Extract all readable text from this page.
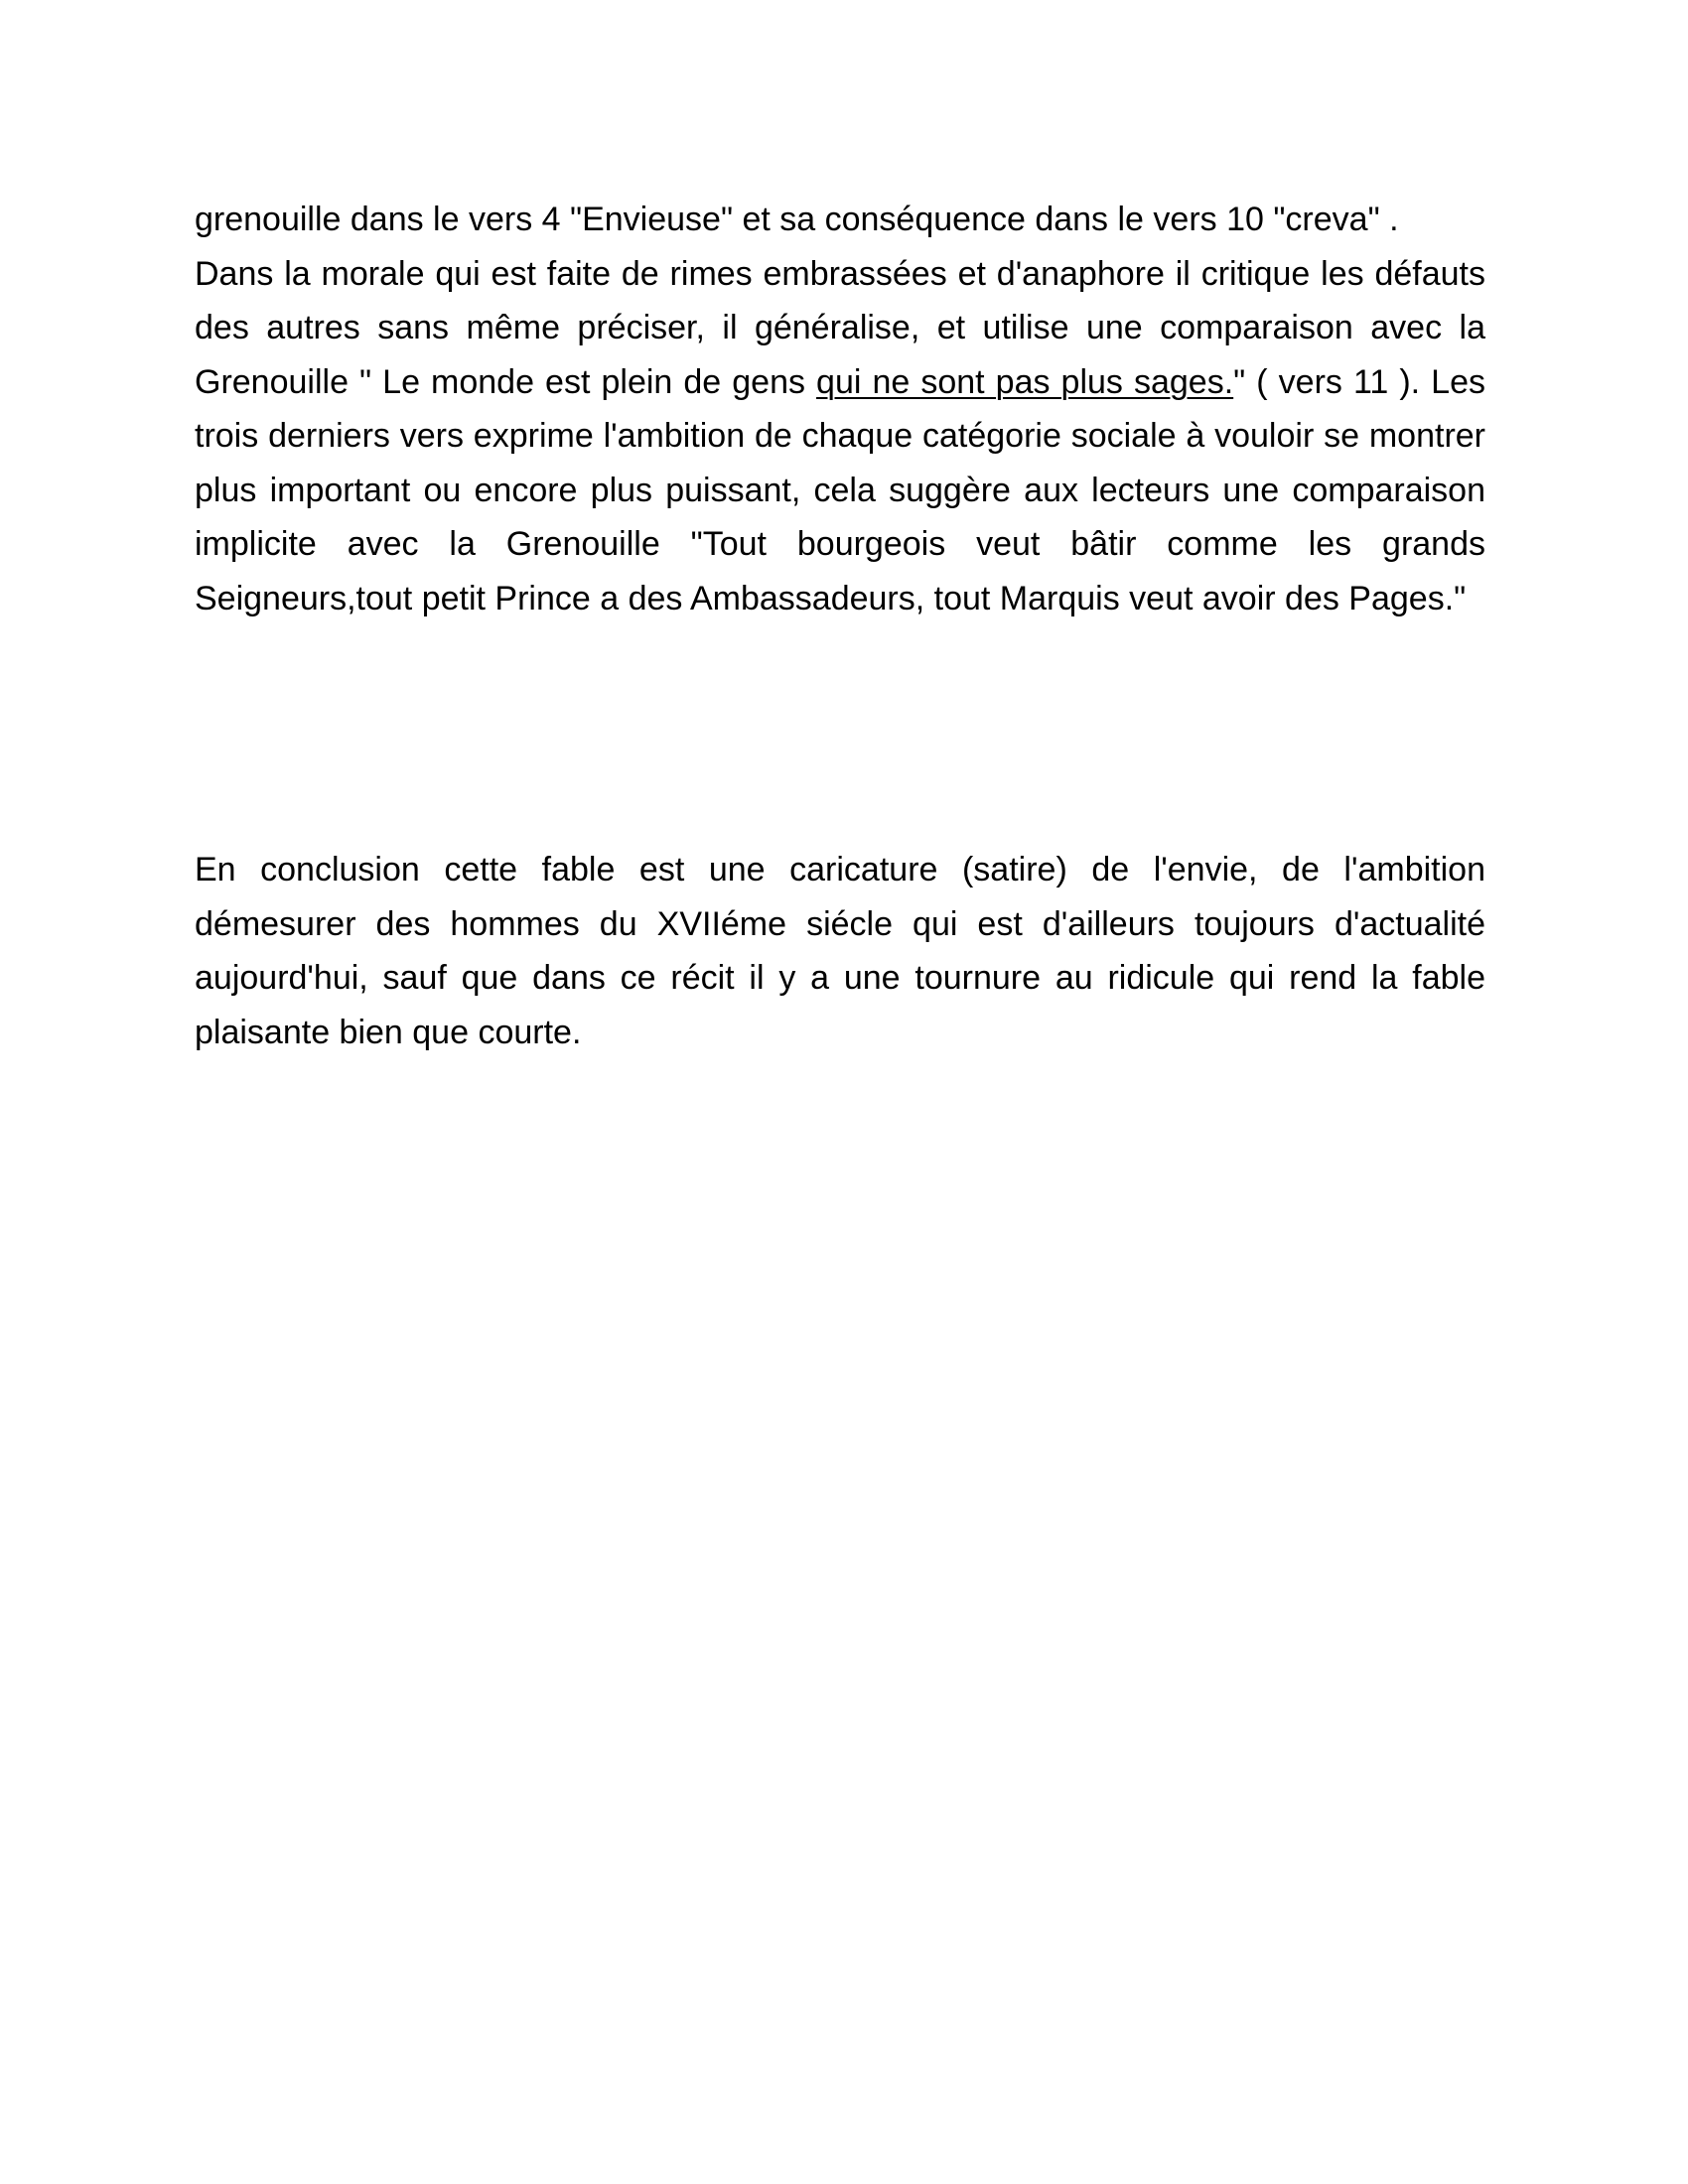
grenouille dans le vers 4 "Envieuse" et sa conséquence dans le vers 10 "creva" .
Dans la morale qui est faite de rimes embrassées et d'anaphore il critique les défauts des autres sans même préciser, il généralise, et utilise une comparaison avec la Grenouille " Le monde est plein de gens qui ne sont pas plus sages." ( vers 11 ). Les trois derniers vers exprime l'ambition de chaque catégorie sociale à vouloir se montrer plus important ou encore plus puissant, cela suggère aux lecteurs une comparaison implicite avec la Grenouille "Tout bourgeois veut bâtir comme les grands Seigneurs,tout petit Prince a des Ambassadeurs, tout Marquis veut avoir des Pages."
En conclusion cette fable est une caricature (satire) de l'envie, de l'ambition démesurer des hommes du XVIIéme siécle qui est d'ailleurs toujours d'actualité aujourd'hui, sauf que dans ce récit il y a une tournure au ridicule qui rend la fable plaisante bien que courte.
